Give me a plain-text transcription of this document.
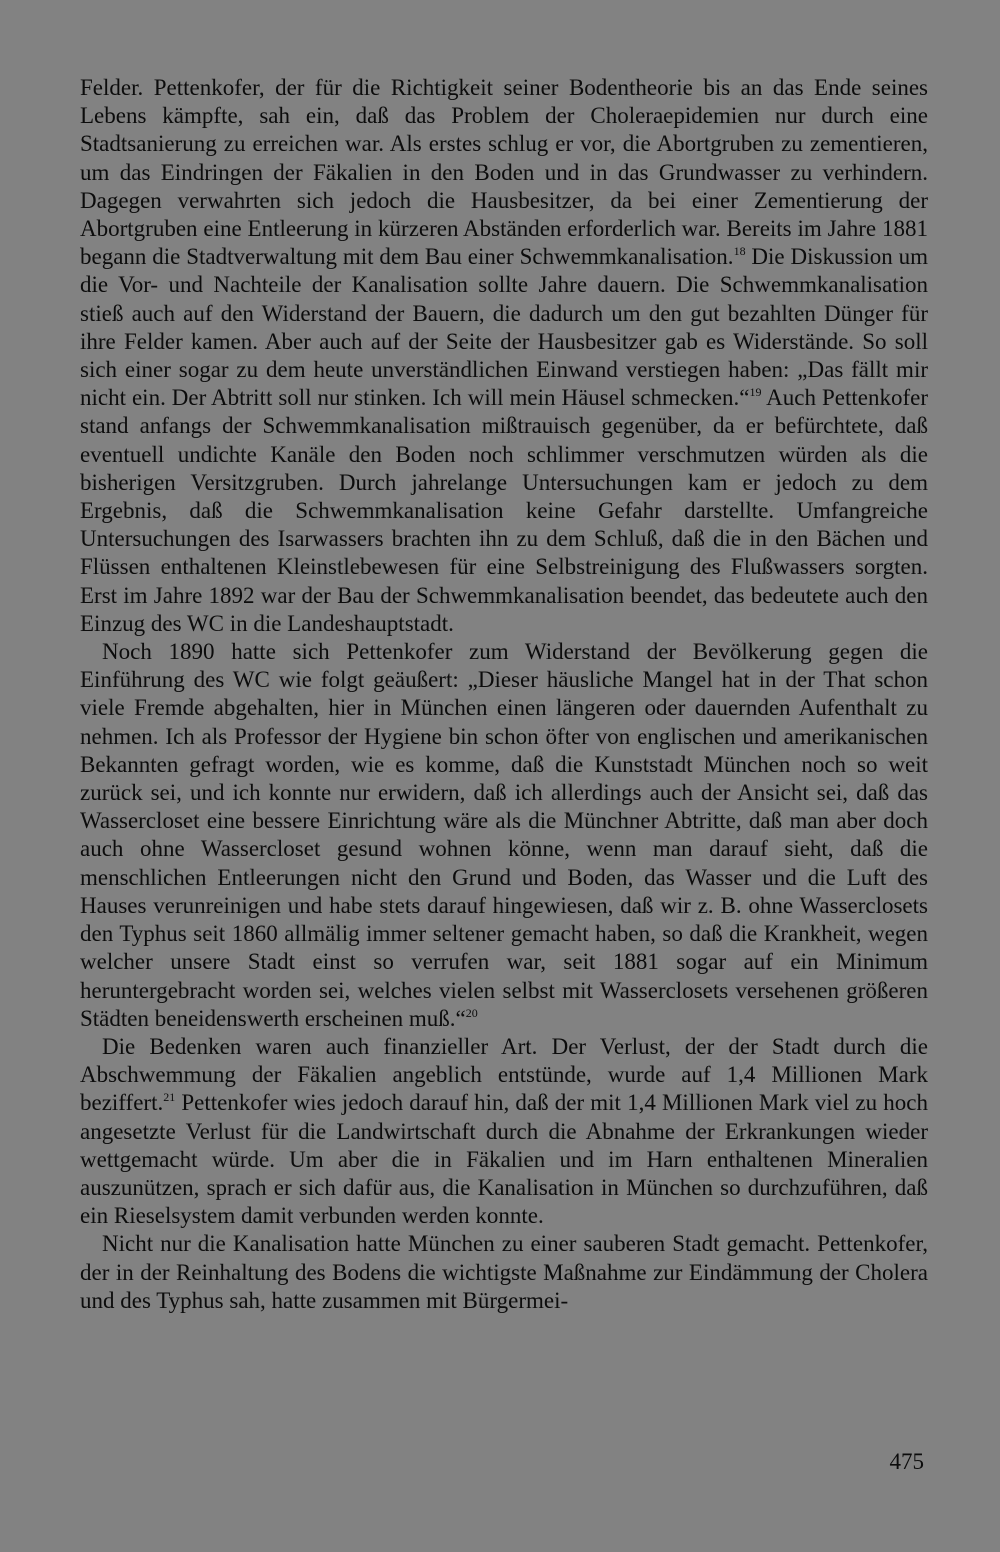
Felder. Pettenkofer, der für die Richtigkeit seiner Bodentheorie bis an das Ende seines Lebens kämpfte, sah ein, daß das Problem der Choleraepidemien nur durch eine Stadtsanierung zu erreichen war. Als erstes schlug er vor, die Abortgruben zu zementieren, um das Eindringen der Fäkalien in den Boden und in das Grundwasser zu verhindern. Dagegen verwahrten sich jedoch die Hausbesitzer, da bei einer Zementierung der Abortgruben eine Entleerung in kürzeren Abständen erforderlich war. Bereits im Jahre 1881 begann die Stadtverwaltung mit dem Bau einer Schwemmkanalisation.$^{18}$ Die Diskussion um die Vor- und Nachteile der Kanalisation sollte Jahre dauern. Die Schwemmkanalisation stieß auch auf den Widerstand der Bauern, die dadurch um den gut bezahlten Dünger für ihre Felder kamen. Aber auch auf der Seite der Hausbesitzer gab es Widerstände. So soll sich einer sogar zu dem heute unverständlichen Einwand verstiegen haben: „Das fällt mir nicht ein. Der Abtritt soll nur stinken. Ich will mein Häusel schmecken.“$^{19}$ Auch Pettenkofer stand anfangs der Schwemmkanalisation mißtrauisch gegenüber, da er befürchtete, daß eventuell undichte Kanäle den Boden noch schlimmer verschmutzen würden als die bisherigen Versitzgruben. Durch jahrelange Untersuchungen kam er jedoch zu dem Ergebnis, daß die Schwemmkanalisation keine Gefahr darstellte. Umfangreiche Untersuchungen des Isarwassers brachten ihn zu dem Schluß, daß die in den Bächen und Flüssen enthaltenen Kleinstlebewesen für eine Selbstreinigung des Flußwassers sorgten. Erst im Jahre 1892 war der Bau der Schwemmkanalisation beendet, das bedeutete auch den Einzug des WC in die Landeshauptstadt.

Noch 1890 hatte sich Pettenkofer zum Widerstand der Bevölkerung gegen die Einführung des WC wie folgt geäußert: „Dieser häusliche Mangel hat in der That schon viele Fremde abgehalten, hier in München einen längeren oder dauernden Aufenthalt zu nehmen. Ich als Professor der Hygiene bin schon öfter von englischen und amerikanischen Bekannten gefragt worden, wie es komme, daß die Kunststadt München noch so weit zurück sei, und ich konnte nur erwidern, daß ich allerdings auch der Ansicht sei, daß das Wassercloset eine bessere Einrichtung wäre als die Münchner Abtritte, daß man aber doch auch ohne Wassercloset gesund wohnen könne, wenn man darauf sieht, daß die menschlichen Entleerungen nicht den Grund und Boden, das Wasser und die Luft des Hauses verunreinigen und habe stets darauf hingewiesen, daß wir z. B. ohne Wasserclosets den Typhus seit 1860 allmälig immer seltener gemacht haben, so daß die Krankheit, wegen welcher unsere Stadt einst so verrufen war, seit 1881 sogar auf ein Minimum heruntergebracht worden sei, welches vielen selbst mit Wasserclosets versehenen größeren Städten beneidenswerth erscheinen muß.“$^{20}$

Die Bedenken waren auch finanzieller Art. Der Verlust, der der Stadt durch die Abschwemmung der Fäkalien angeblich entstünde, wurde auf 1,4 Millionen Mark beziffert.$^{21}$ Pettenkofer wies jedoch darauf hin, daß der mit 1,4 Millionen Mark viel zu hoch angesetzte Verlust für die Landwirtschaft durch die Abnahme der Erkrankungen wieder wettgemacht würde. Um aber die in Fäkalien und im Harn enthaltenen Mineralien auszunützen, sprach er sich dafür aus, die Kanalisation in München so durchzuführen, daß ein Rieselsystem damit verbunden werden konnte.

Nicht nur die Kanalisation hatte München zu einer sauberen Stadt gemacht. Pettenkofer, der in der Reinhaltung des Bodens die wichtigste Maßnahme zur Eindämmung der Cholera und des Typhus sah, hatte zusammen mit Bürgermei-

475
